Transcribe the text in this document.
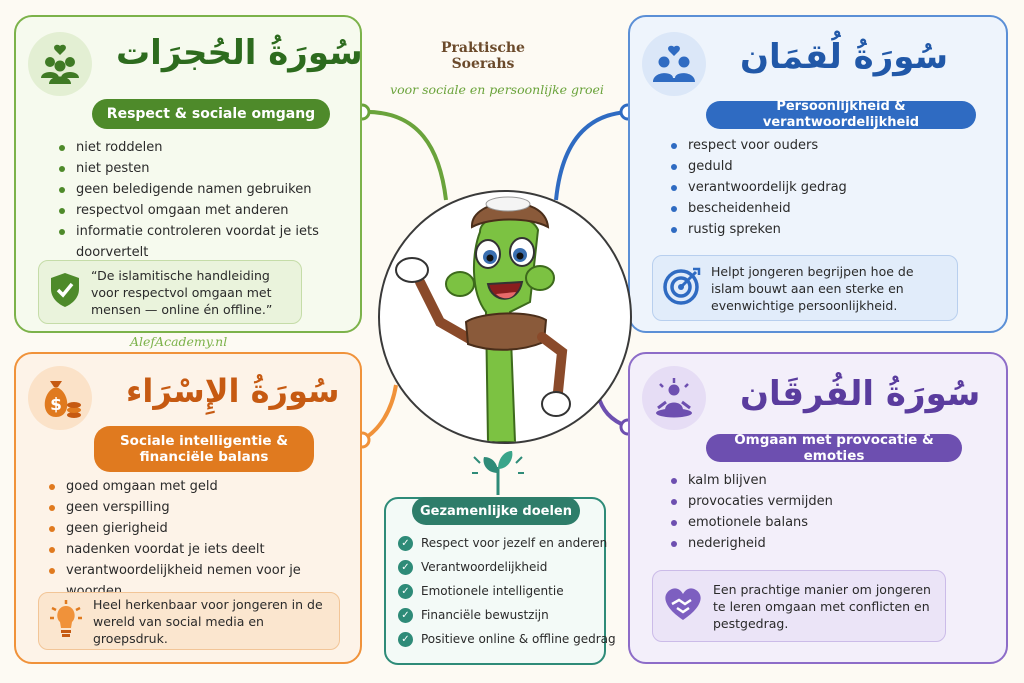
Praktische Soerahs
voor sociale en persoonlijke groei
سُورَةُ الحُجرَات
Respect & sociale omgang
niet roddelen
niet pesten
geen beledigende namen gebruiken
respectvol omgaan met anderen
informatie controleren voordat je iets doorvertelt
“De islamitische handleiding voor respectvol omgaan met mensen — online én offline.”
سُورَةُ لُقمَان
Persoonlijkheid & verantwoordelijkheid
respect voor ouders
geduld
verantwoordelijk gedrag
bescheidenheid
rustig spreken
Helpt jongeren begrijpen hoe de islam bouwt aan een sterke en evenwichtige persoonlijkheid.
$ سُورَةُ الإِسْرَاء
Sociale intelligentie & financiële balans
goed omgaan met geld
geen verspilling
geen gierigheid
nadenken voordat je iets deelt
verantwoordelijkheid nemen voor je
Heel herkenbaar voor jongeren in de wereld van social media en groepsdruk.
سُورَةُ الفُرقَان
Omgaan met provocatie & emoties
kalm blijven
provocaties vermijden
emotionele balans
nederigheid
Een prachtige manier om jongeren te leren omgaan met conflicten en pestgedrag.
AlefAcademy.nl
Gezamenlijke doelen
✓ Respect voor jezelf en anderen
✓ Verantwoordelijkheid
✓ Emotionele intelligentie
✓ Financiële bewustzijn
✓ Positieve online & offline gedrag
